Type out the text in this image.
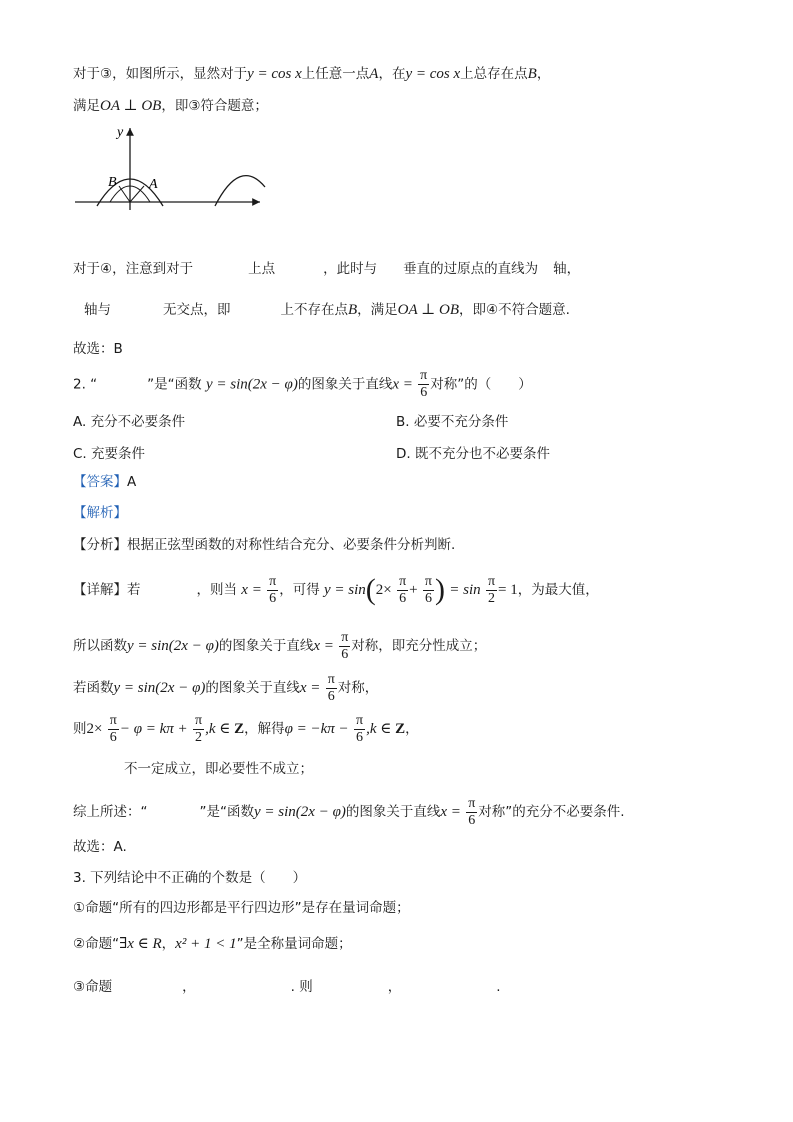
对于③，如图所示，显然对于y = cos x上任意一点A，在y = cos x上总存在点B，
满足OA ⊥ OB，即③符合题意；
y
B A
对于④，注意到对于	上点	，此时与 垂直的过原点的直线为 轴，
轴与	无交点，即	上不存在点B，满足OA ⊥ OB，即④不符合题意.
故选：B
2. “	”是“函数 y = sin(2x − φ)的图象关于直线$x = \frac{\pi}{6}$ 对称”的（　　）
A. 充分不必要条件	B. 必要不充分条件
C. 充要条件	D. 既不充分也不必要条件
【答案】A
【解析】
【分析】根据正弦型函数的对称性结合充分、必要条件分析判断.
【详解】若	，则当 $x = \frac{\pi}{6}$ ，可得 $y = \sin(2\times \frac{\pi}{6} + \frac{\pi}{6}$ ) = $\sin \frac{\pi}{2} = 1$，为最大值，
所以函数y = sin(2x − φ)的图象关于直线$x = \frac{\pi}{6}$ 对称，即充分性成立；
若函数y = sin(2x − φ)的图象关于直线$x = \frac{\pi}{6}$ 对称，
则$2\times \frac{\pi}{6} - \varphi = k\pi + \frac{\pi}{2} ,k$ ∈ Z，解得$\varphi = -k\pi - \frac{\pi}{6} ,k$ ∈ Z，
不一定成立，即必要性不成立；
综上所述：“	”是“函数y = sin(2x − φ)的图象关于直线$x = \frac{\pi}{6}$ 对称”的充分不必要条件.
故选：A.
3. 下列结论中不正确的个数是（　　）
①命题“所有的四边形都是平行四边形”是存在量词命题；
②命题“∃x ∈ R，x² + 1 < 1”是全称量词命题；
③命题	，	. 则	，	.
